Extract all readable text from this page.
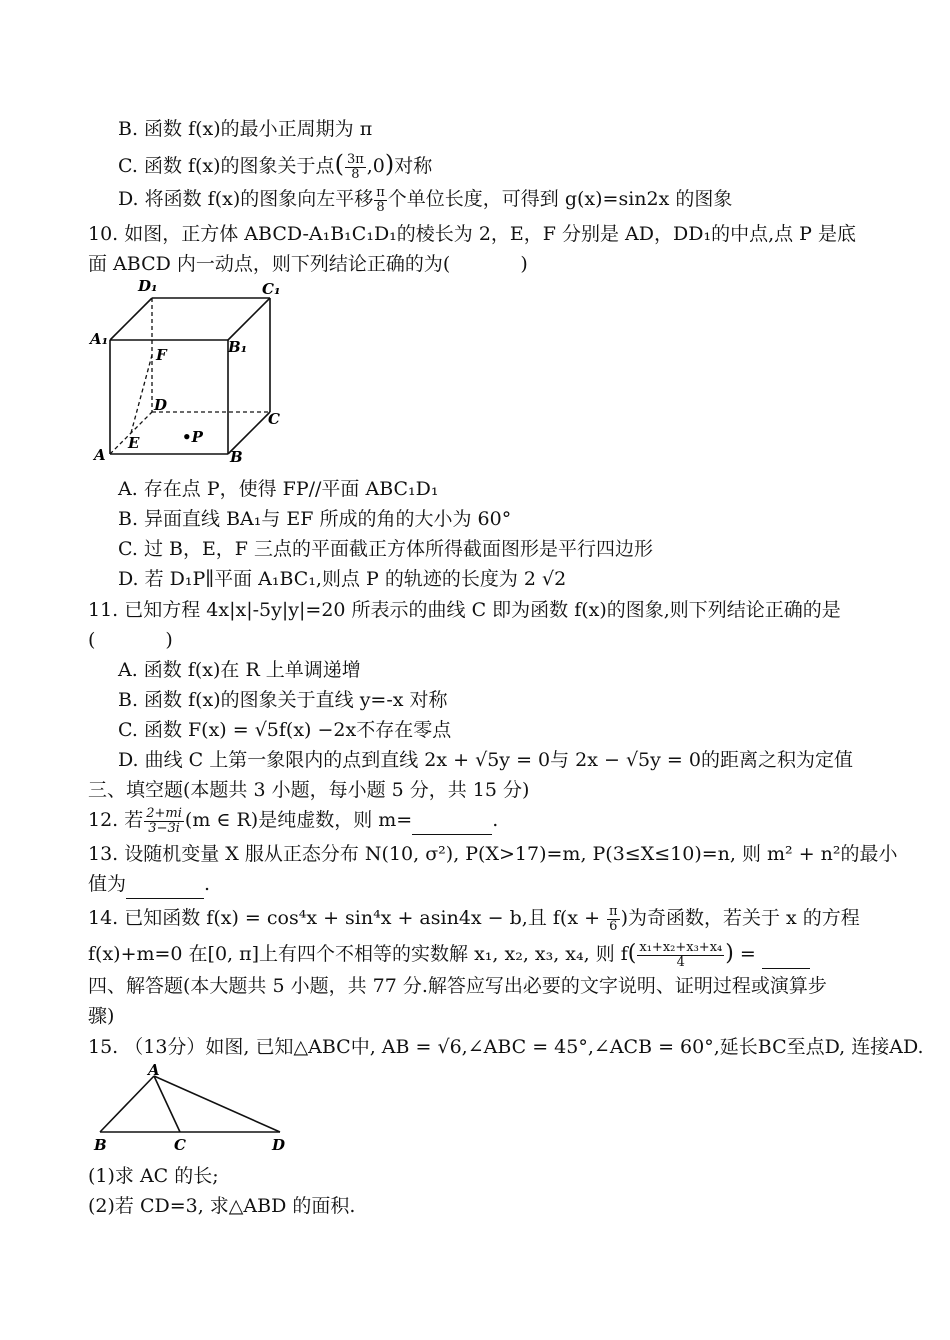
B. 函数 f(x)的最小正周期为 π
C. 函数 f(x)的图象关于点( $\frac{3\pi}{8} ,0$)对称
D. 将函数 f(x)的图象向左平移 $\frac{\pi}{8}$ 个单位长度，可得到 g(x)=sin2x 的图象
10. 如图，正方体 ABCD-A₁B₁C₁D₁的棱长为 2，E，F 分别是 AD，DD₁的中点,点 P 是底
面 ABCD 内一动点，则下列结论正确的为(	)
D₁	C₁
A₁	B₁
F
D
C
E	•P
A	B
A. 存在点 P，使得 FP//平面 ABC₁D₁
B. 异面直线 BA₁与 EF 所成的角的大小为 60°
C. 过 B，E，F 三点的平面截正方体所得截面图形是平行四边形
D. 若 D₁P∥平面 A₁BC₁,则点 P 的轨迹的长度为 2 √2
11. 已知方程 4x|x|-5y|y|=20 所表示的曲线 C 即为函数 f(x)的图象,则下列结论正确的是
(	)
A. 函数 f(x)在 R 上单调递增
B. 函数 f(x)的图象关于直线 y=-x 对称
C. 函数 F(x) = √5f(x) −2x不存在零点
D. 曲线 C 上第一象限内的点到直线 2x + √5y = 0与 2x − √5y = 0的距离之积为定值
三、填空题(本题共 3 小题，每小题 5 分，共 15 分)
12. 若 $\frac{2+mi}{3-3i} (m$ ∈ R)是纯虚数，则 m=	.
13. 设随机变量 X 服从正态分布 N(10, σ²), P(X>17)=m, P(3≤X≤10)=n, 则 m² + n²的最小
值为	.
14. 已知函数 f(x) = cos⁴x + sin⁴x + asin4x − b,且 $f(x + \frac{\pi}{6}$ )为奇函数，若关于 x 的方程
f(x)+m=0 在[0, π]上有四个不相等的实数解 x₁, x₂, x₃, x₄, 则 $f( \frac{\text{x₁+x₂+x₃+x₄}}{4}$ ) =
四、解答题(本大题共 5 小题，共 77 分.解答应写出必要的文字说明、证明过程或演算步
骤)
15. （13分）如图, 已知△ABC中, AB = √6,∠ABC = 45°,∠ACB = 60°,延长BC至点D, 连接AD.
A
B	C	D
(1)求 AC 的长;
(2)若 CD=3, 求△ABD 的面积.
